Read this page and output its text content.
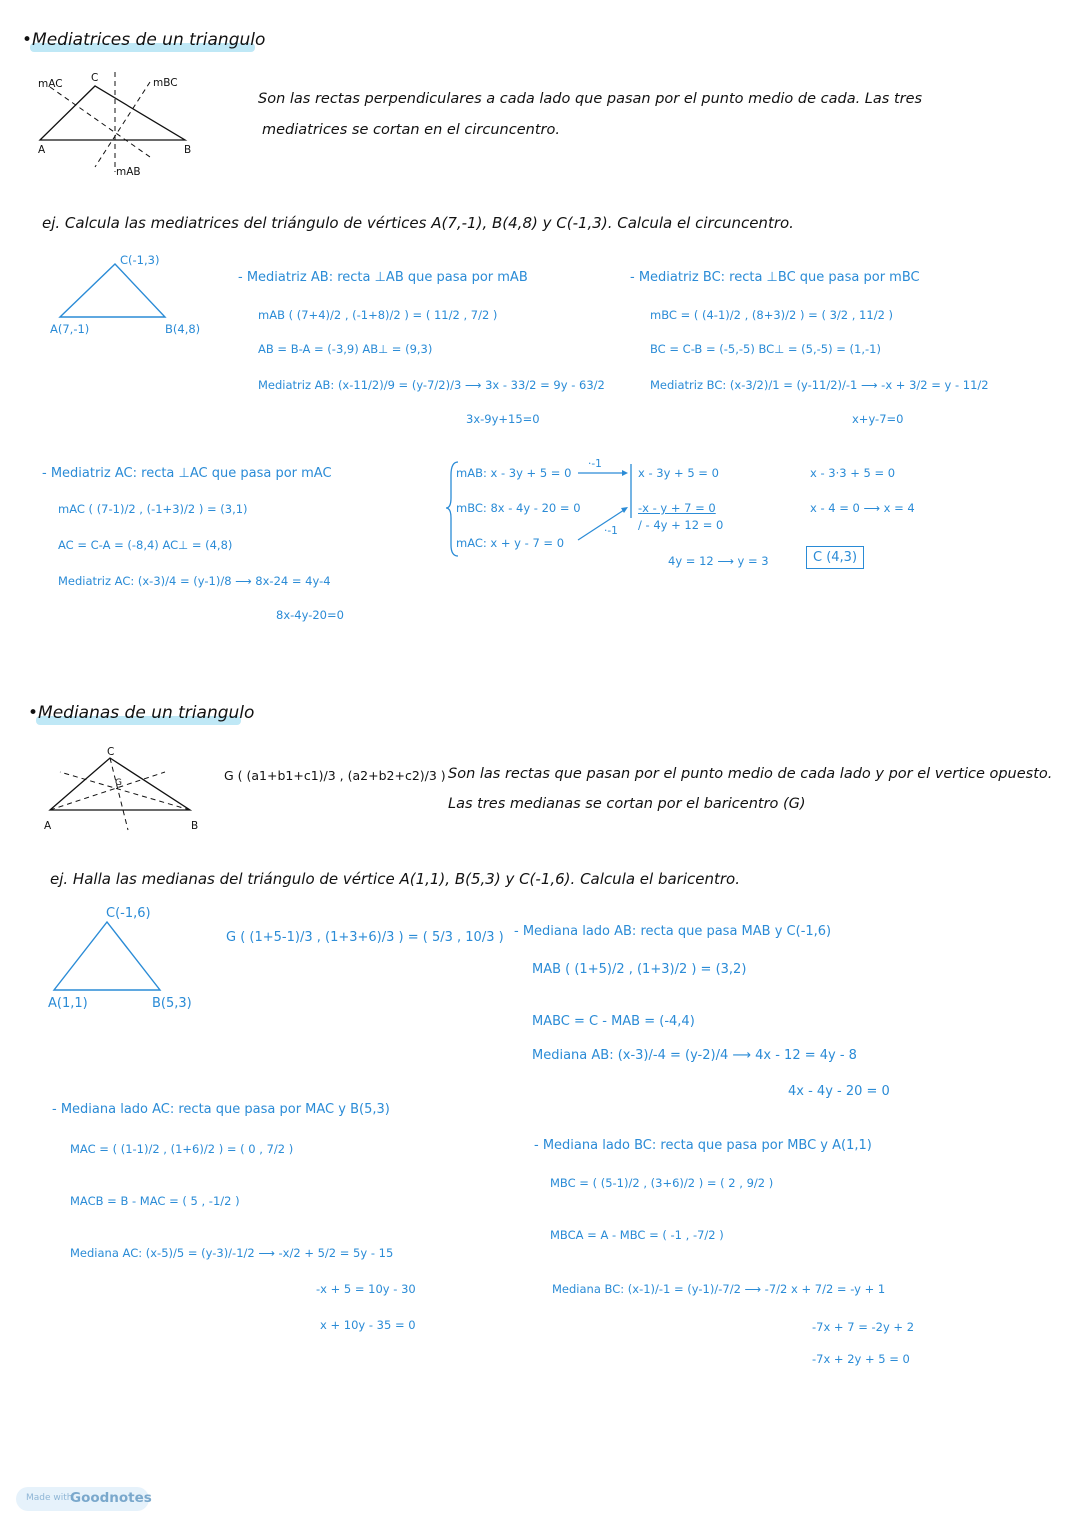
•Mediatrices de un triangulo
mAC	C	mBC
A	B
mAB
Son las rectas perpendiculares a cada lado que pasan por el punto medio de cada. Las tres
mediatrices se cortan en el circuncentro.
ej. Calcula las mediatrices del triángulo de vértices A(7,-1), B(4,8) y C(-1,3). Calcula el circuncentro.
C(-1,3)
A(7,-1)	B(4,8)
- Mediatriz AB: recta ⊥AB que pasa por mAB
mAB ( (7+4)/2 , (-1+8)/2 ) = ( 11/2 , 7/2 )
AB = B-A = (-3,9) AB⊥ = (9,3)
Mediatriz AB: (x-11/2)/9 = (y-7/2)/3 ⟶ 3x - 33/2 = 9y - 63/2
3x-9y+15=0
- Mediatriz BC: recta ⊥BC que pasa por mBC
mBC = ( (4-1)/2 , (8+3)/2 ) = ( 3/2 , 11/2 )
BC = C-B = (-5,-5) BC⊥ = (5,-5) = (1,-1)
Mediatriz BC: (x-3/2)/1 = (y-11/2)/-1 ⟶ -x + 3/2 = y - 11/2
x+y-7=0
- Mediatriz AC: recta ⊥AC que pasa por mAC
mAC ( (7-1)/2 , (-1+3)/2 ) = (3,1)
AC = C-A = (-8,4) AC⊥ = (4,8)
Mediatriz AC: (x-3)/4 = (y-1)/8 ⟶ 8x-24 = 4y-4
8x-4y-20=0
mAB: x - 3y + 5 = 0
mBC: 8x - 4y - 20 = 0
mAC: x + y - 7 = 0
·-1
·-1
x - 3y + 5 = 0
-x - y + 7 = 0
/ - 4y + 12 = 0
4y = 12 ⟶ y = 3
x - 3·3 + 5 = 0
x - 4 = 0 ⟶ x = 4
C (4,3)
•Medianas de un triangulo
C
G
A	B
G ( (a1+b1+c1)/3 , (a2+b2+c2)/3 ) Son las rectas que pasan por el punto medio de cada lado y por el vertice opuesto.
Las tres medianas se cortan por el baricentro (G)
ej. Halla las medianas del triángulo de vértice A(1,1), B(5,3) y C(-1,6). Calcula el baricentro.
C(-1,6)
A(1,1)	B(5,3)
G ( (1+5-1)/3 , (1+3+6)/3 ) = ( 5/3 , 10/3 ) - Mediana lado AB: recta que pasa MAB y C(-1,6)
MAB ( (1+5)/2 , (1+3)/2 ) = (3,2)
MABC = C - MAB = (-4,4)
Mediana AB: (x-3)/-4 = (y-2)/4 ⟶ 4x - 12 = 4y - 8
4x - 4y - 20 = 0
- Mediana lado AC: recta que pasa por MAC y B(5,3)
MAC = ( (1-1)/2 , (1+6)/2 ) = ( 0 , 7/2 )
MACB = B - MAC = ( 5 , -1/2 )
Mediana AC: (x-5)/5 = (y-3)/-1/2 ⟶ -x/2 + 5/2 = 5y - 15
-x + 5 = 10y - 30
x + 10y - 35 = 0
- Mediana lado BC: recta que pasa por MBC y A(1,1)
MBC = ( (5-1)/2 , (3+6)/2 ) = ( 2 , 9/2 )
MBCA = A - MBC = ( -1 , -7/2 )
Mediana BC: (x-1)/-1 = (y-1)/-7/2 ⟶ -7/2 x + 7/2 = -y + 1
-7x + 7 = -2y + 2
-7x + 2y + 5 = 0
Made with
Goodnotes
